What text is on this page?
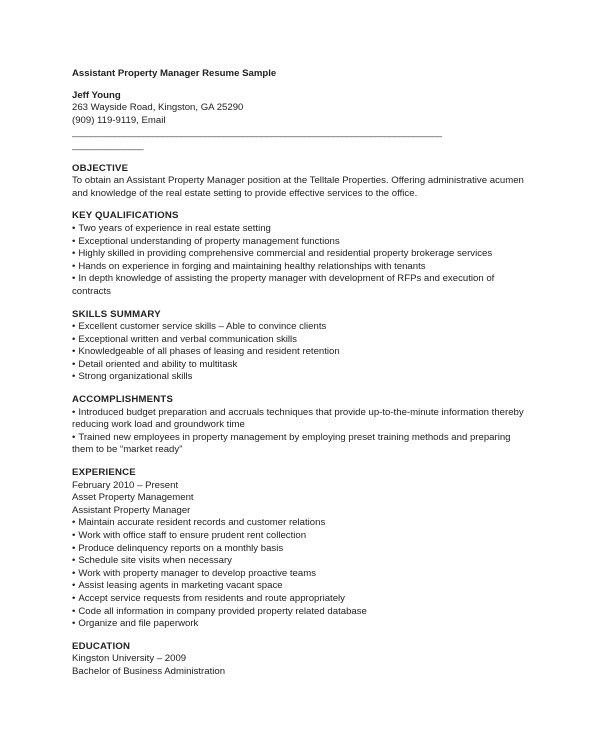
Assistant Property Manager Resume Sample

Jeff Young

263 Wayside Road, Kingston, GA 25290

(909) 119-9119, Email

______________________________________________________________________________

_______________

OBJECTIVE

To obtain an Assistant Property Manager position at the Telltale Properties. Offering administrative acumen and knowledge of the real estate setting to provide effective services to the office.

KEY QUALIFICATIONS

• Two years of experience in real estate setting

• Exceptional understanding of property management functions

• Highly skilled in providing comprehensive commercial and residential property brokerage services

• Hands on experience in forging and maintaining healthy relationships with tenants

• In depth knowledge of assisting the property manager with development of RFPs and execution of contracts

SKILLS SUMMARY

• Excellent customer service skills – Able to convince clients

• Exceptional written and verbal communication skills

• Knowledgeable of all phases of leasing and resident retention

• Detail oriented and ability to multitask

• Strong organizational skills

ACCOMPLISHMENTS

• Introduced budget preparation and accruals techniques that provide up-to-the-minute information thereby reducing work load and groundwork time

• Trained new employees in property management by employing preset training methods and preparing them to be “market ready”

EXPERIENCE

February 2010 – Present

Asset Property Management

Assistant Property Manager

• Maintain accurate resident records and customer relations

• Work with office staff to ensure prudent rent collection

• Produce delinquency reports on a monthly basis

• Schedule site visits when necessary

• Work with property manager to develop proactive teams

• Assist leasing agents in marketing vacant space

• Accept service requests from residents and route appropriately

• Code all information in company provided property related database

• Organize and file paperwork

EDUCATION

Kingston University – 2009

Bachelor of Business Administration
